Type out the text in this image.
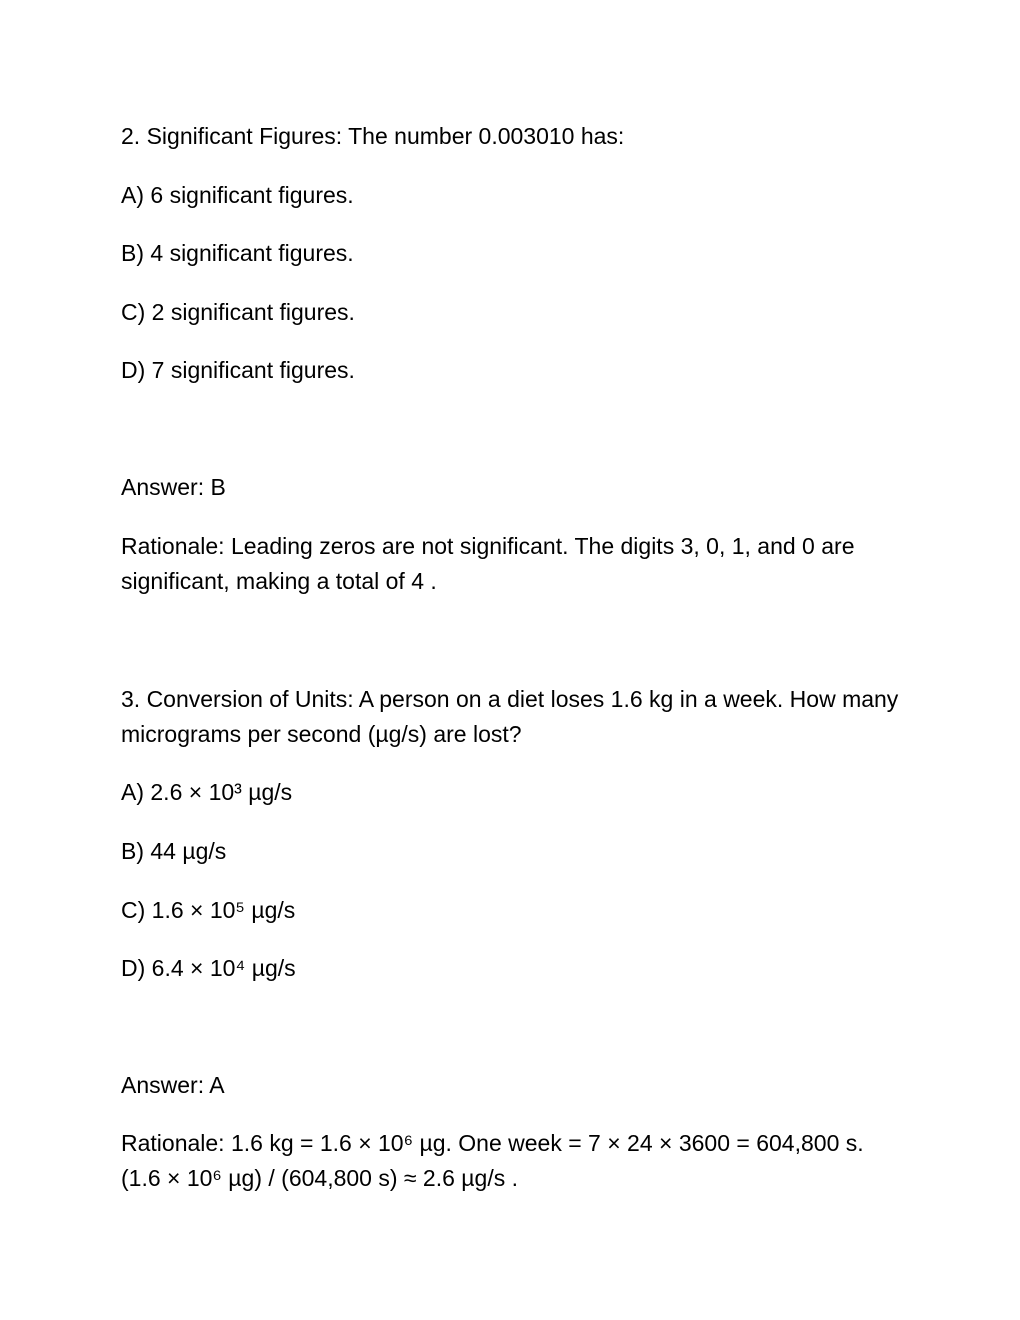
2. Significant Figures: The number 0.003010 has:
A) 6 significant figures.
B) 4 significant figures.
C) 2 significant figures.
D) 7 significant figures.
Answer: B
Rationale: Leading zeros are not significant. The digits 3, 0, 1, and 0 are significant, making a total of 4 .
3. Conversion of Units: A person on a diet loses 1.6 kg in a week. How many micrograms per second (µg/s) are lost?
A) 2.6 × 10³ µg/s
B) 44 µg/s
C) 1.6 × 10⁵ µg/s
D) 6.4 × 10⁴ µg/s
Answer: A
Rationale: 1.6 kg = 1.6 × 10⁶ µg. One week = 7 × 24 × 3600 = 604,800 s. (1.6 × 10⁶ µg) / (604,800 s) ≈ 2.6 µg/s .
